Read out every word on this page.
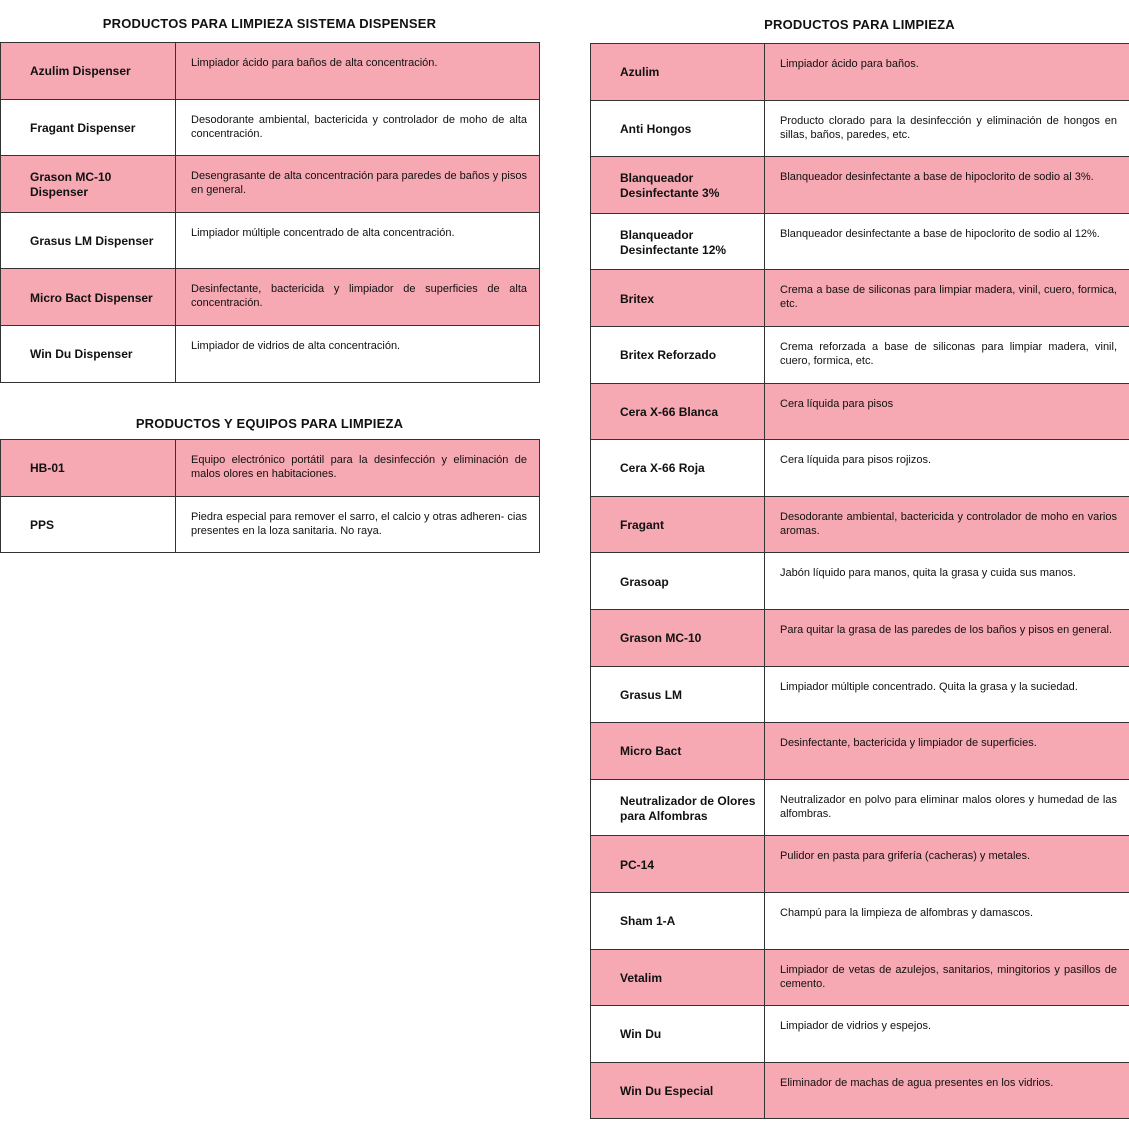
PRODUCTOS PARA LIMPIEZA SISTEMA DISPENSER
Azulim Dispenser	Limpiador ácido para baños de alta concentración.
Fragant Dispenser	Desodorante ambiental, bactericida y controlador de moho de alta concentración.
Grason MC-10 Dispenser	Desengrasante de alta concentración para paredes de baños y pisos en general.
Grasus LM Dispenser	Limpiador múltiple concentrado de alta concentración.
Micro Bact Dispenser	Desinfectante, bactericida y limpiador de superficies de alta concentración.
Win Du Dispenser	Limpiador de vidrios de alta concentración.
PRODUCTOS Y EQUIPOS PARA LIMPIEZA
HB-01	Equipo electrónico portátil para la desinfección y eliminación de malos olores en habitaciones.
PPS	Piedra especial para remover el sarro, el calcio y otras adheren- cias presentes en la loza sanitaria. No raya.
PRODUCTOS PARA LIMPIEZA
Azulim	Limpiador ácido para baños.
Anti Hongos	Producto clorado para la desinfección y eliminación de hongos en sillas, baños, paredes, etc.
Blanqueador Desinfectante 3%	Blanqueador desinfectante a base de hipoclorito de sodio al 3%.
Blanqueador Desinfectante 12%	Blanqueador desinfectante a base de hipoclorito de sodio al 12%.
Britex	Crema a base de siliconas para limpiar madera, vinil, cuero, formica, etc.
Britex Reforzado	Crema reforzada a base de siliconas para limpiar madera, vinil, cuero, formica, etc.
Cera X-66 Blanca	Cera líquida para pisos
Cera X-66 Roja	Cera líquida para pisos rojizos.
Fragant	Desodorante ambiental, bactericida y controlador de moho en varios aromas.
Grasoap	Jabón líquido para manos, quita la grasa y cuida sus manos.
Grason MC-10	Para quitar la grasa de las paredes de los baños y pisos en general.
Grasus LM	Limpiador múltiple concentrado. Quita la grasa y la suciedad.
Micro Bact	Desinfectante, bactericida y limpiador de superficies.
Neutralizador de Olores para Alfombras	Neutralizador en polvo para eliminar malos olores y humedad de las alfombras.
PC-14	Pulidor en pasta para grifería (cacheras) y metales.
Sham 1-A	Champú para la limpieza de alfombras y damascos.
Vetalim	Limpiador de vetas de azulejos, sanitarios, mingitorios y pasillos de cemento.
Win Du	Limpiador de vidrios y espejos.
Win Du Especial	Eliminador de machas de agua presentes en los vidrios.
